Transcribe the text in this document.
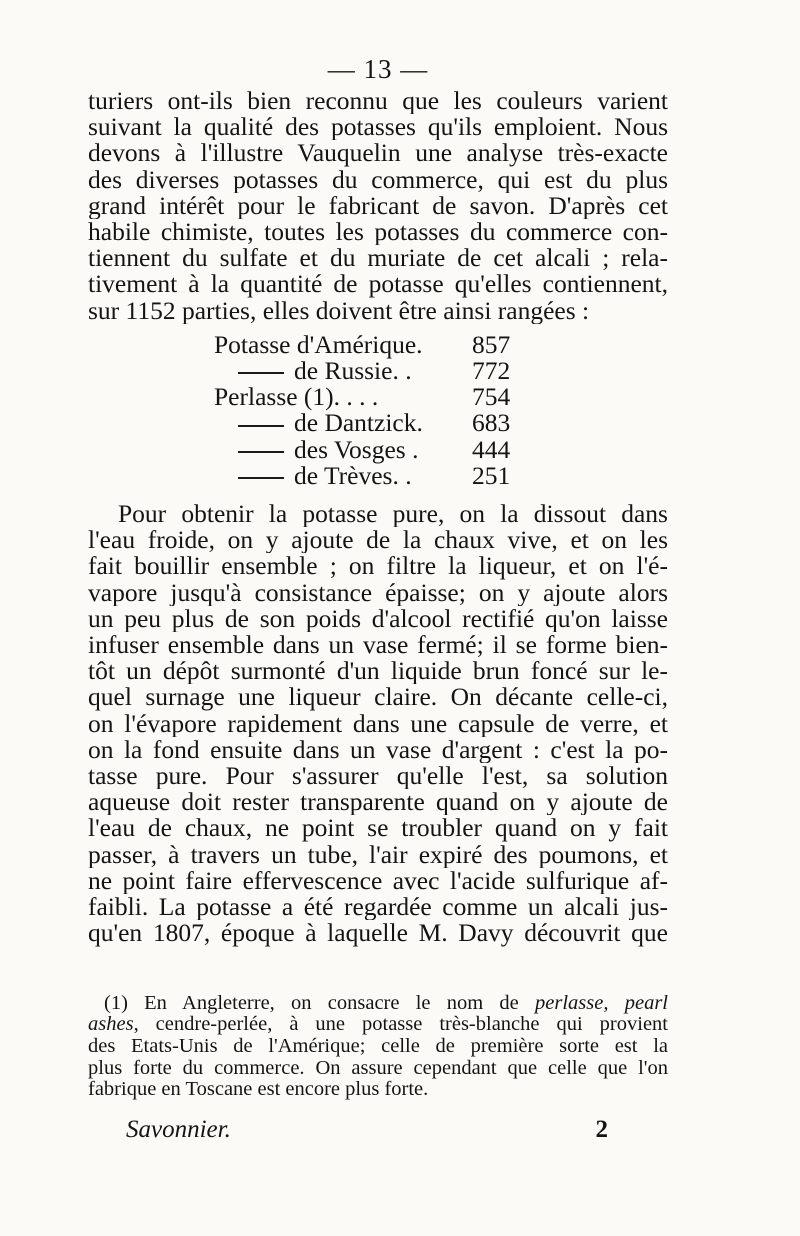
— 13 —
turiers ont-ils bien reconnu que les couleurs varient
suivant la qualité des potasses qu'ils emploient. Nous
devons à l'illustre Vauquelin une analyse très-exacte
des diverses potasses du commerce, qui est du plus
grand intérêt pour le fabricant de savon. D'après cet
habile chimiste, toutes les potasses du commerce con-
tiennent du sulfate et du muriate de cet alcali ; rela-
tivement à la quantité de potasse qu'elles contiennent,
sur 1152 parties, elles doivent être ainsi rangées :
Potasse d'Amérique.	857
de Russie. .	772
Perlasse (1). . . .	754
de Dantzick.	683
des Vosges .	444
de Trèves. .	251
Pour obtenir la potasse pure, on la dissout dans
l'eau froide, on y ajoute de la chaux vive, et on les
fait bouillir ensemble ; on filtre la liqueur, et on l'é-
vapore jusqu'à consistance épaisse; on y ajoute alors
un peu plus de son poids d'alcool rectifié qu'on laisse
infuser ensemble dans un vase fermé; il se forme bien-
tôt un dépôt surmonté d'un liquide brun foncé sur le-
quel surnage une liqueur claire. On décante celle-ci,
on l'évapore rapidement dans une capsule de verre, et
on la fond ensuite dans un vase d'argent : c'est la po-
tasse pure. Pour s'assurer qu'elle l'est, sa solution
aqueuse doit rester transparente quand on y ajoute de
l'eau de chaux, ne point se troubler quand on y fait
passer, à travers un tube, l'air expiré des poumons, et
ne point faire effervescence avec l'acide sulfurique af-
faibli. La potasse a été regardée comme un alcali jus-
qu'en 1807, époque à laquelle M. Davy découvrit que
(1) En Angleterre, on consacre le nom de perlasse, pearl
ashes, cendre-perlée, à une potasse très-blanche qui provient
des Etats-Unis de l'Amérique; celle de première sorte est la
plus forte du commerce. On assure cependant que celle que l'on
fabrique en Toscane est encore plus forte.
Savonnier.	2
